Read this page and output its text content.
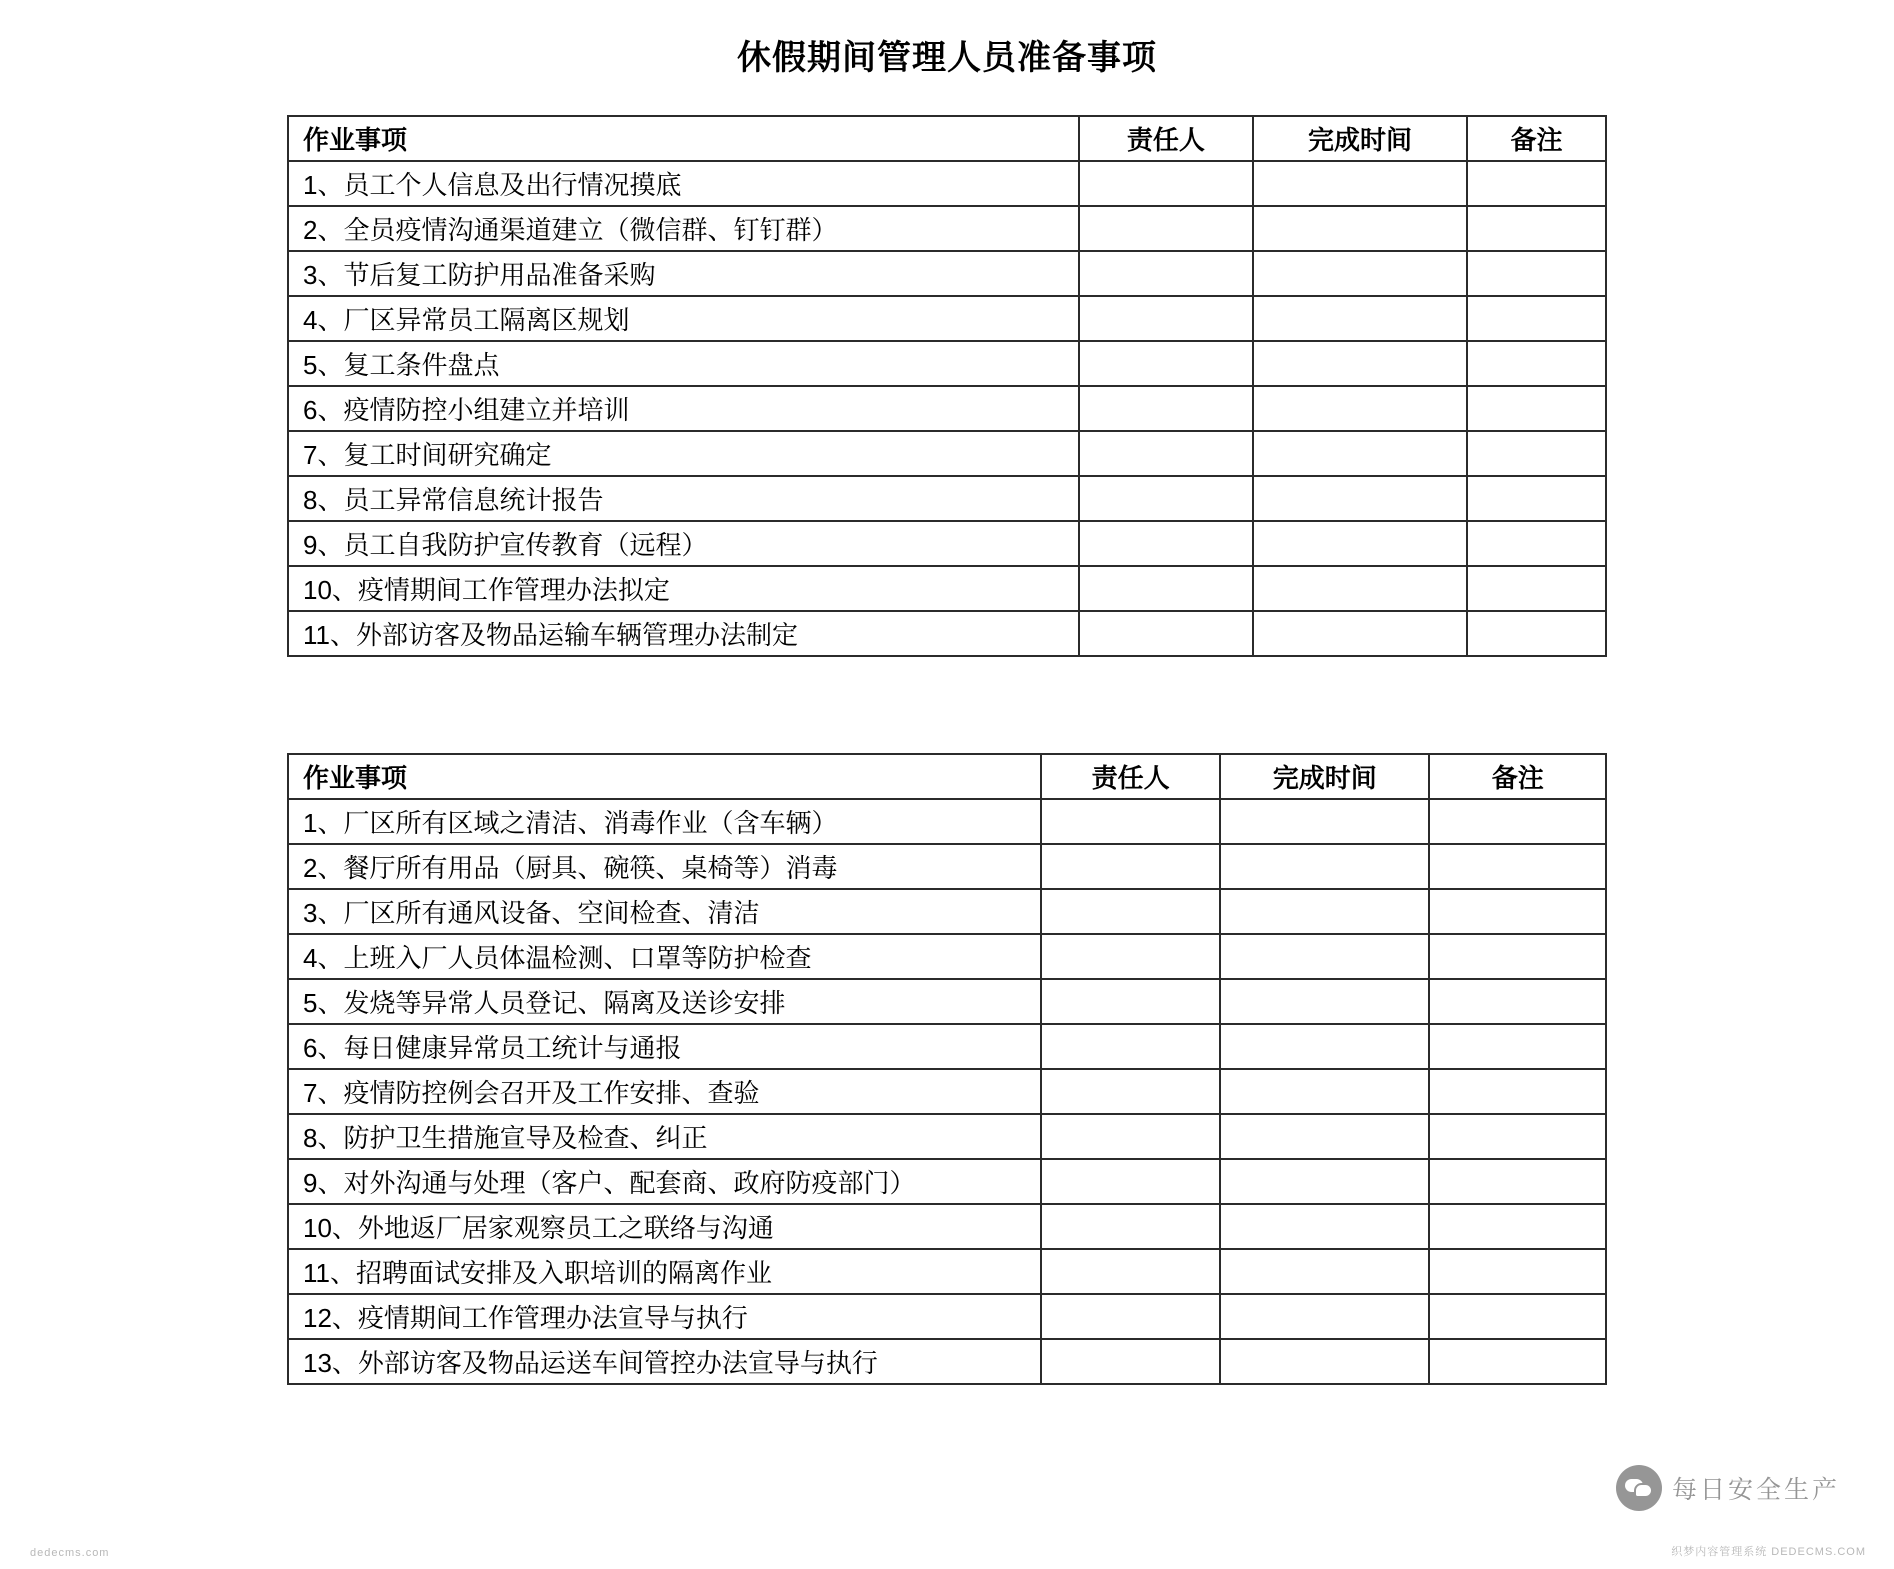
休假期间管理人员准备事项
作业事项	责任人	完成时间	备注
1、员工个人信息及出行情况摸底			
2、全员疫情沟通渠道建立（微信群、钉钉群）			
3、节后复工防护用品准备采购			
4、厂区异常员工隔离区规划			
5、复工条件盘点			
6、疫情防控小组建立并培训			
7、复工时间研究确定			
8、员工异常信息统计报告			
9、员工自我防护宣传教育（远程）			
10、疫情期间工作管理办法拟定			
11、外部访客及物品运输车辆管理办法制定			
作业事项	责任人	完成时间	备注
1、厂区所有区域之清洁、消毒作业（含车辆）			
2、餐厅所有用品（厨具、碗筷、桌椅等）消毒			
3、厂区所有通风设备、空间检查、清洁			
4、上班入厂人员体温检测、口罩等防护检查			
5、发烧等异常人员登记、隔离及送诊安排			
6、每日健康异常员工统计与通报			
7、疫情防控例会召开及工作安排、查验			
8、防护卫生措施宣导及检查、纠正			
9、对外沟通与处理（客户、配套商、政府防疫部门）			
10、外地返厂居家观察员工之联络与沟通			
11、招聘面试安排及入职培训的隔离作业			
12、疫情期间工作管理办法宣导与执行			
13、外部访客及物品运送车间管控办法宣导与执行			
每日安全生产
dedecms.com	织梦内容管理系统 DEDECMS.COM
